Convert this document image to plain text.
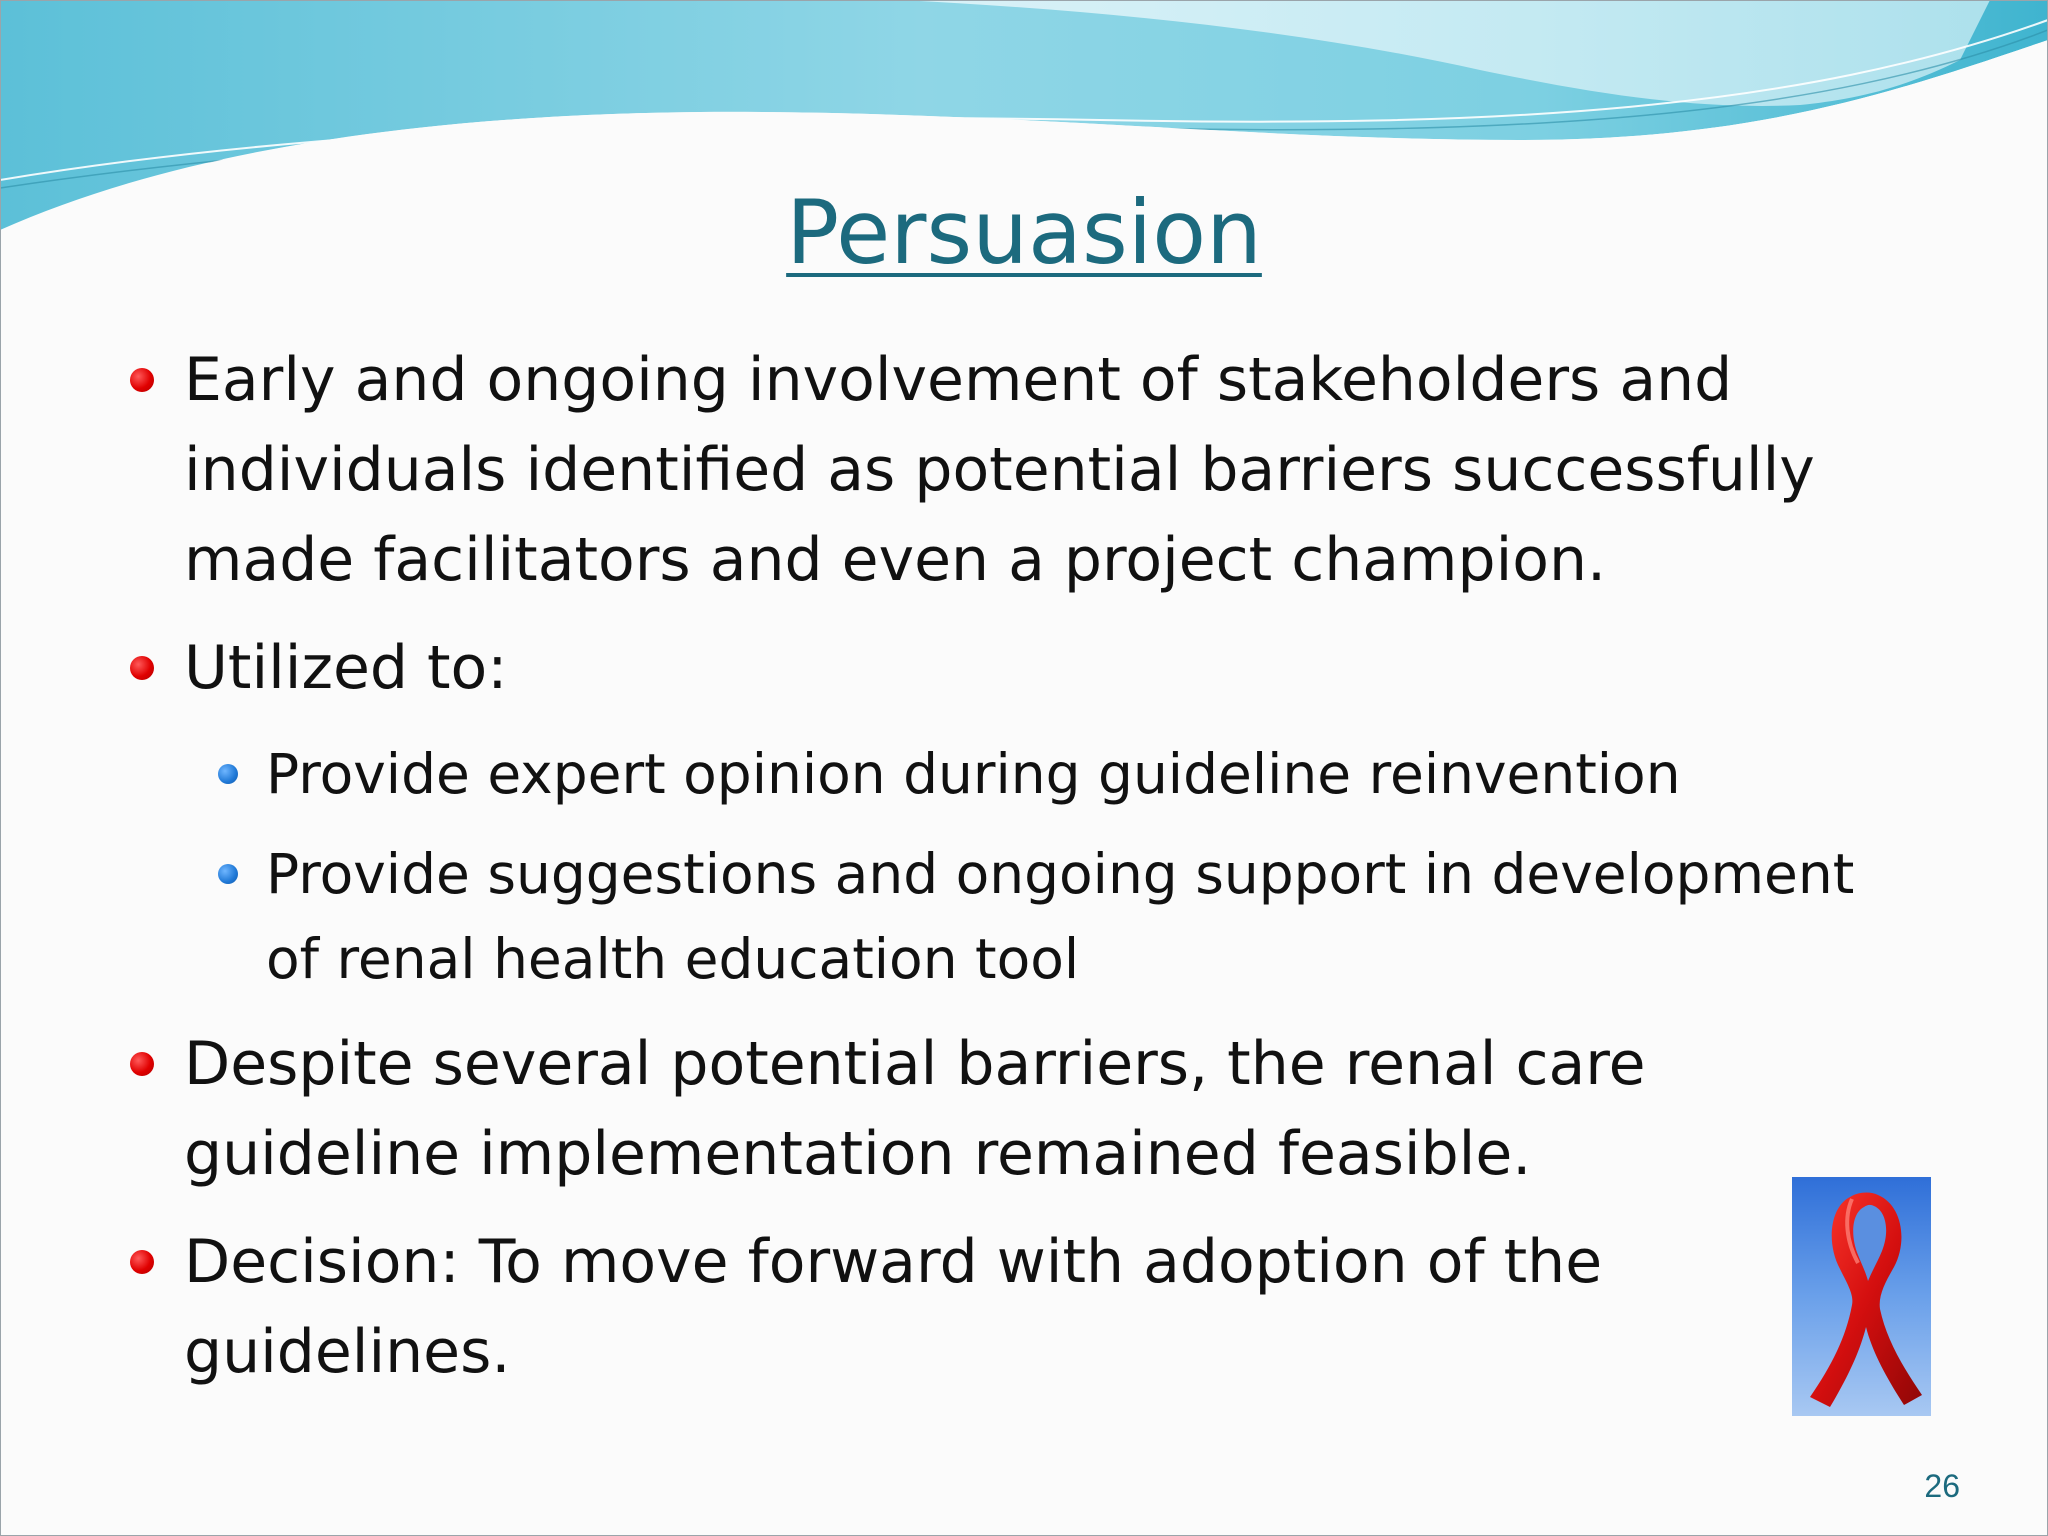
Persuasion

Early and ongoing involvement of stakeholders and individuals identified as potential barriers successfully made facilitators and even a project champion.

Utilized to:

Provide expert opinion during guideline reinvention

Provide suggestions and ongoing support in development of renal health education tool

Despite several potential barriers, the renal care guideline implementation remained feasible.

Decision: To move forward with adoption of the guidelines.

26
